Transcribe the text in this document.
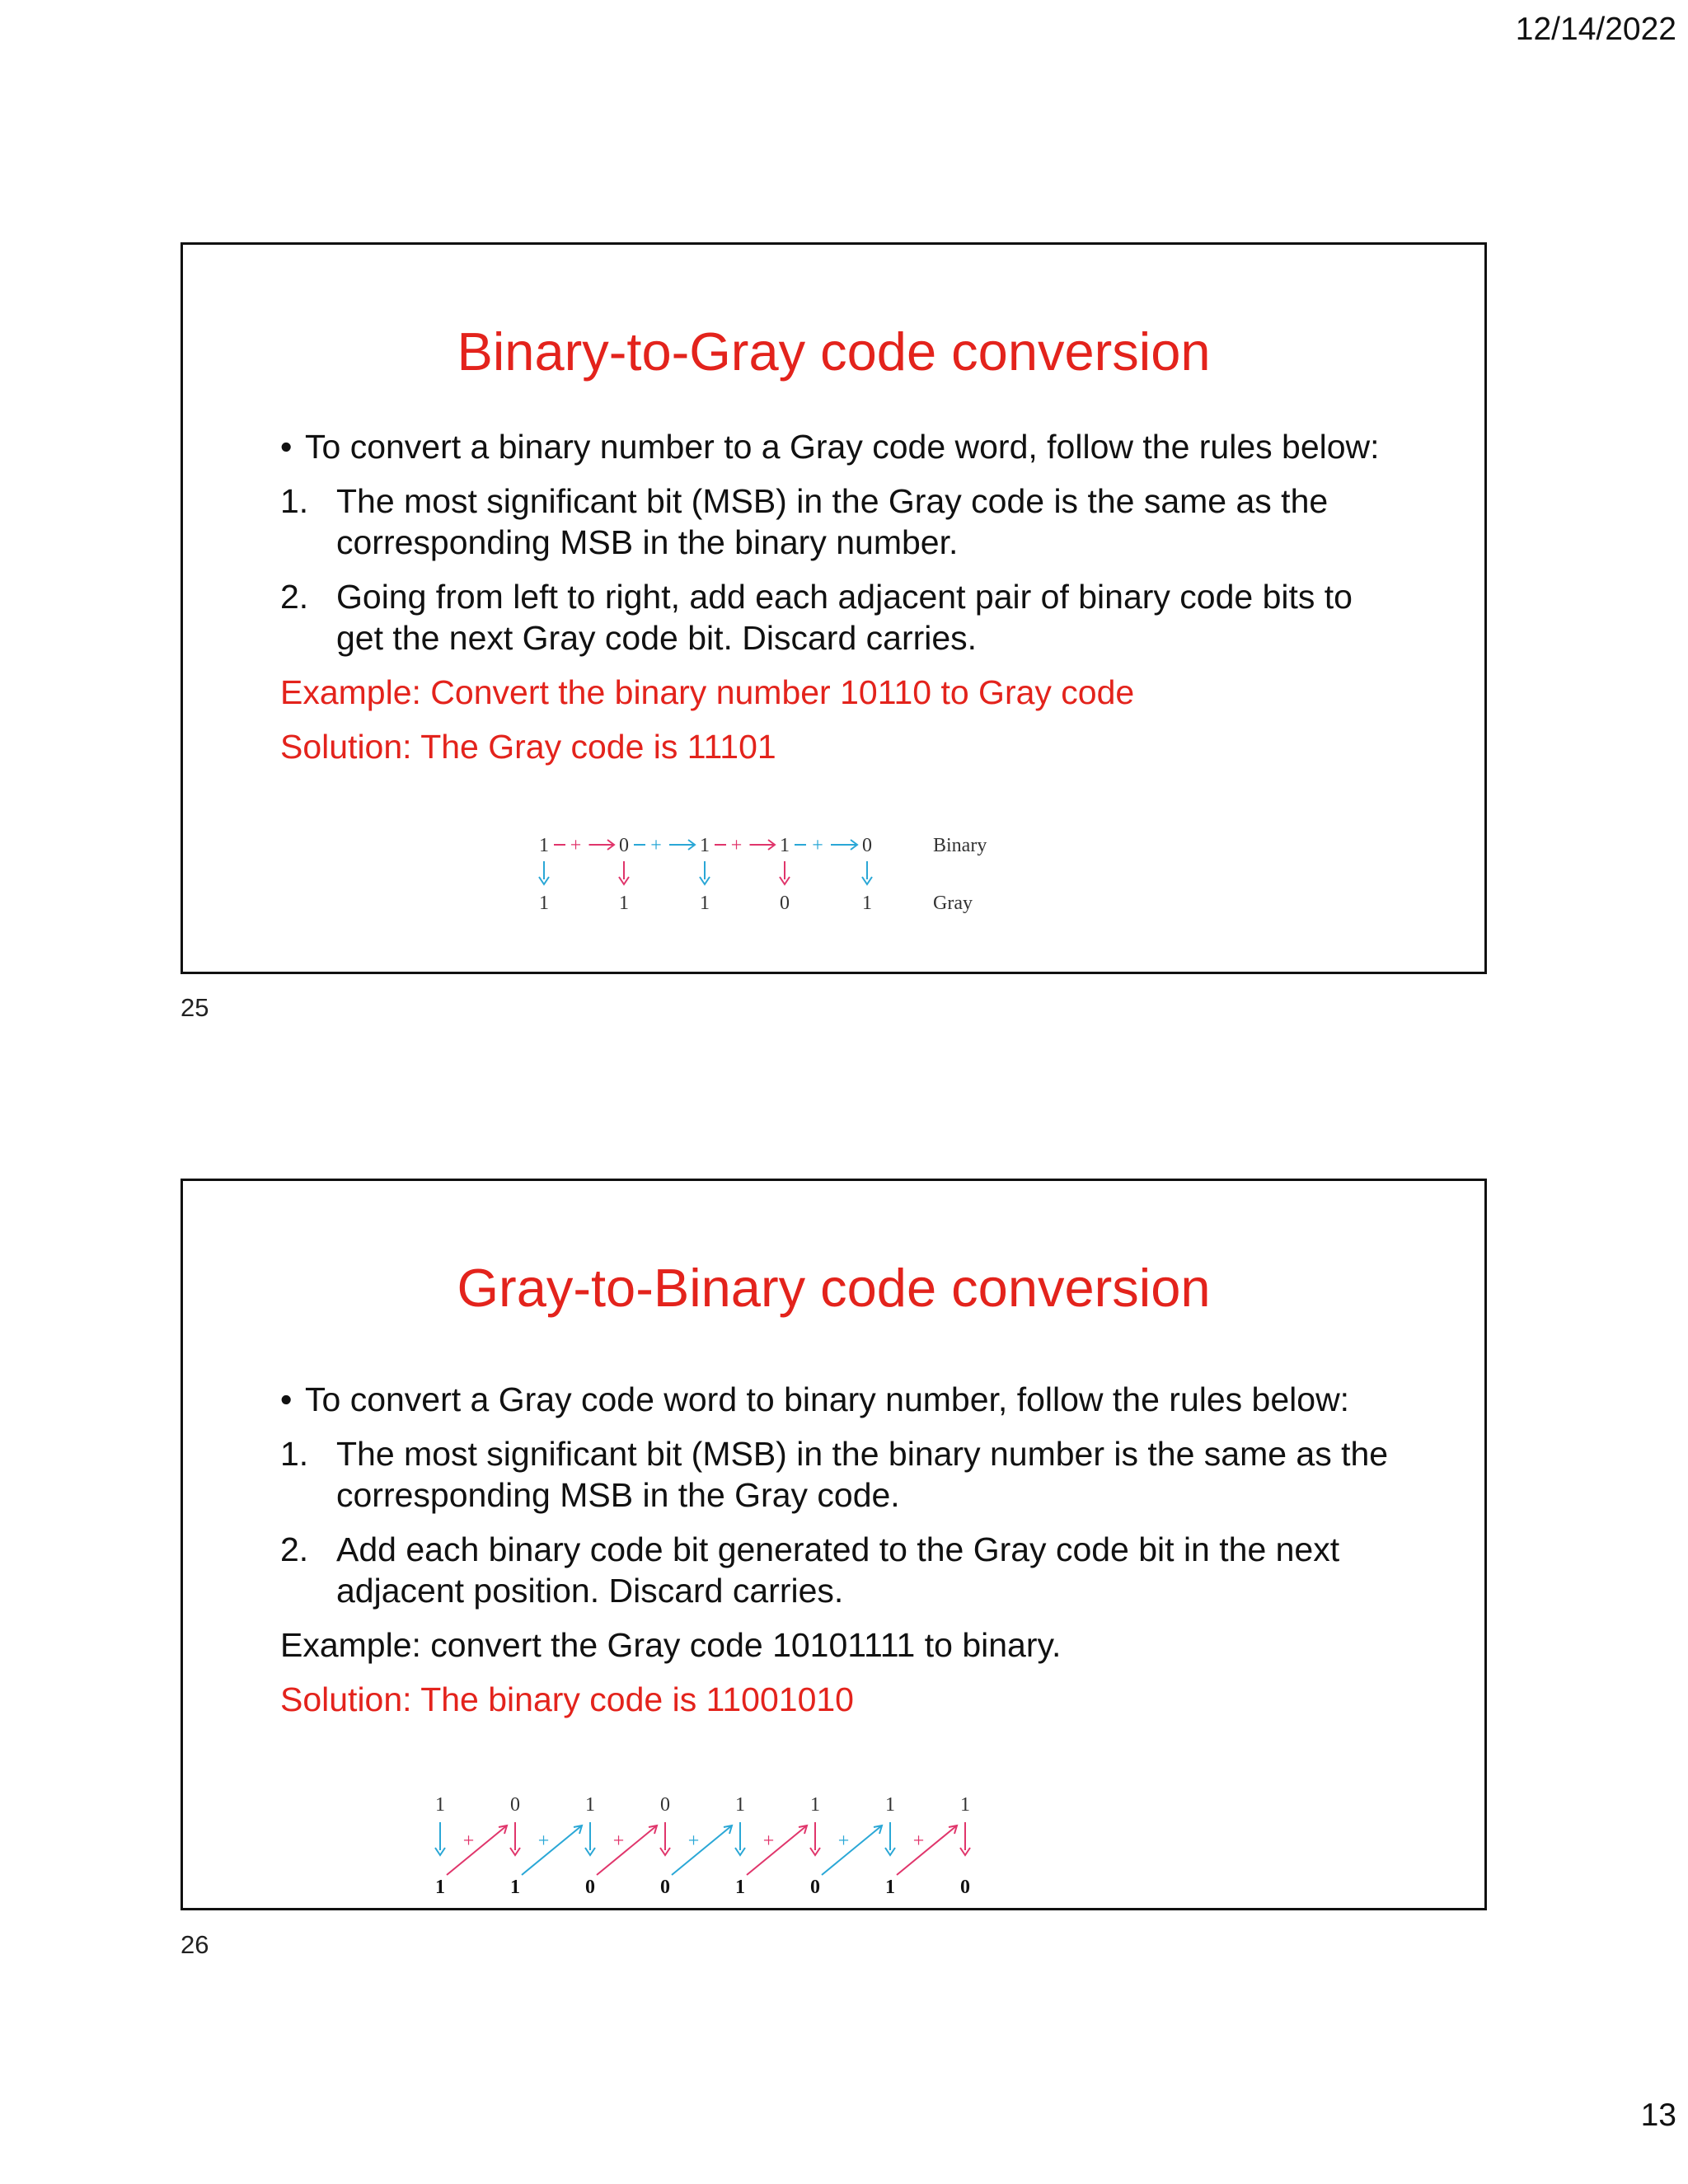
12/14/2022
Binary-to-Gray code conversion
• To convert a binary number to a Gray code word, follow the rules below:
1. The most significant bit (MSB) in the Gray code is the same as the corresponding MSB in the binary number.
2. Going from left to right, add each adjacent pair of binary code bits to get the next Gray code bit. Discard carries.
Example: Convert the binary number 10110 to Gray code
Solution: The Gray code is 11101
1	0	1	1	0
1	1	1	0	1
+	+	+	+	Binary
Gray
25
Gray-to-Binary code conversion
• To convert a Gray code word to binary number, follow the rules below:
1. The most significant bit (MSB) in the binary number is the same as the corresponding MSB in the Gray code.
2. Add each binary code bit generated to the Gray code bit in the next adjacent position. Discard carries.
Example: convert the Gray code 10101111 to binary.
Solution: The binary code is 11001010
1	0	1	0	1	1	1	1
1	1	0	0	1	0	1	0
+	+	+	+	+	+	+
26
13
